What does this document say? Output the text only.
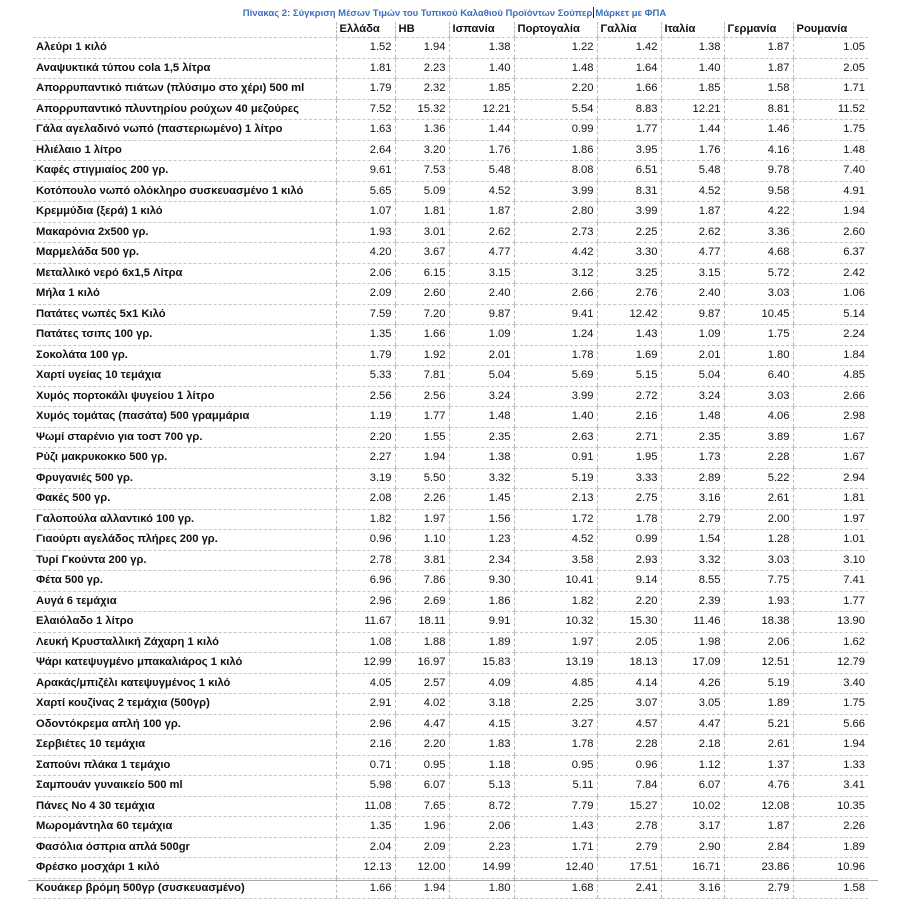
Πίνακας 2: Σύγκριση Μέσων Τιμών του Τυπικού Καλαθιού Προϊόντων Σούπερ Μάρκετ με ΦΠΑ
	Ελλάδα	ΗΒ	Ισπανία	Πορτογαλία	Γαλλία	Ιταλία	Γερμανία	Ρουμανία
Αλεύρι 1 κιλό	1.52	1.94	1.38	1.22	1.42	1.38	1.87	1.05
Αναψυκτικά τύπου cola 1,5 λίτρα	1.81	2.23	1.40	1.48	1.64	1.40	1.87	2.05
Απορρυπαντικό πιάτων (πλύσιμο στο χέρι) 500 ml	1.79	2.32	1.85	2.20	1.66	1.85	1.58	1.71
Απορρυπαντικό πλυντηρίου ρούχων 40 μεζούρες	7.52	15.32	12.21	5.54	8.83	12.21	8.81	11.52
Γάλα αγελαδινό νωπό (παστεριωμένο) 1 λίτρο	1.63	1.36	1.44	0.99	1.77	1.44	1.46	1.75
Ηλιέλαιο 1 λίτρο	2.64	3.20	1.76	1.86	3.95	1.76	4.16	1.48
Καφές στιγμιαίος 200 γρ.	9.61	7.53	5.48	8.08	6.51	5.48	9.78	7.40
Κοτόπουλο νωπό ολόκληρο συσκευασμένο 1 κιλό	5.65	5.09	4.52	3.99	8.31	4.52	9.58	4.91
Κρεμμύδια (ξερά) 1 κιλό	1.07	1.81	1.87	2.80	3.99	1.87	4.22	1.94
Μακαρόνια 2x500 γρ.	1.93	3.01	2.62	2.73	2.25	2.62	3.36	2.60
Μαρμελάδα 500 γρ.	4.20	3.67	4.77	4.42	3.30	4.77	4.68	6.37
Μεταλλικό νερό 6x1,5 Λίτρα	2.06	6.15	3.15	3.12	3.25	3.15	5.72	2.42
Μήλα 1 κιλό	2.09	2.60	2.40	2.66	2.76	2.40	3.03	1.06
Πατάτες νωπές 5x1 Κιλό	7.59	7.20	9.87	9.41	12.42	9.87	10.45	5.14
Πατάτες τσιπς 100 γρ.	1.35	1.66	1.09	1.24	1.43	1.09	1.75	2.24
Σοκολάτα 100 γρ.	1.79	1.92	2.01	1.78	1.69	2.01	1.80	1.84
Χαρτί υγείας 10 τεμάχια	5.33	7.81	5.04	5.69	5.15	5.04	6.40	4.85
Χυμός πορτοκάλι ψυγείου 1 λίτρο	2.56	2.56	3.24	3.99	2.72	3.24	3.03	2.66
Χυμός τομάτας (πασάτα) 500 γραμμάρια	1.19	1.77	1.48	1.40	2.16	1.48	4.06	2.98
Ψωμί σταρένιο για τοστ 700 γρ.	2.20	1.55	2.35	2.63	2.71	2.35	3.89	1.67
Ρύζι μακρυκοκκο 500 γρ.	2.27	1.94	1.38	0.91	1.95	1.73	2.28	1.67
Φρυγανιές 500 γρ.	3.19	5.50	3.32	5.19	3.33	2.89	5.22	2.94
Φακές 500 γρ.	2.08	2.26	1.45	2.13	2.75	3.16	2.61	1.81
Γαλοπούλα αλλαντικό 100 γρ.	1.82	1.97	1.56	1.72	1.78	2.79	2.00	1.97
Γιαούρτι αγελάδος πλήρες 200 γρ.	0.96	1.10	1.23	4.52	0.99	1.54	1.28	1.01
Τυρί Γκούντα 200 γρ.	2.78	3.81	2.34	3.58	2.93	3.32	3.03	3.10
Φέτα 500 γρ.	6.96	7.86	9.30	10.41	9.14	8.55	7.75	7.41
Αυγά 6 τεμάχια	2.96	2.69	1.86	1.82	2.20	2.39	1.93	1.77
Ελαιόλαδο 1 λίτρο	11.67	18.11	9.91	10.32	15.30	11.46	18.38	13.90
Λευκή Κρυσταλλική Ζάχαρη 1 κιλό	1.08	1.88	1.89	1.97	2.05	1.98	2.06	1.62
Ψάρι κατεψυγμένο μπακαλιάρος 1 κιλό	12.99	16.97	15.83	13.19	18.13	17.09	12.51	12.79
Αρακάς/μπιζέλι κατεψυγμένος 1 κιλό	4.05	2.57	4.09	4.85	4.14	4.26	5.19	3.40
Χαρτί κουζίνας 2 τεμάχια (500γρ)	2.91	4.02	3.18	2.25	3.07	3.05	1.89	1.75
Οδοντόκρεμα απλή 100 γρ.	2.96	4.47	4.15	3.27	4.57	4.47	5.21	5.66
Σερβιέτες 10 τεμάχια	2.16	2.20	1.83	1.78	2.28	2.18	2.61	1.94
Σαπούνι πλάκα 1 τεμάχιο	0.71	0.95	1.18	0.95	0.96	1.12	1.37	1.33
Σαμπουάν γυναικείο 500 ml	5.98	6.07	5.13	5.11	7.84	6.07	4.76	3.41
Πάνες Νο 4 30 τεμάχια	11.08	7.65	8.72	7.79	15.27	10.02	12.08	10.35
Μωρομάντηλα 60 τεμάχια	1.35	1.96	2.06	1.43	2.78	3.17	1.87	2.26
Φασόλια όσπρια απλά 500gr	2.04	2.09	2.23	1.71	2.79	2.90	2.84	1.89
Φρέσκο μοσχάρι 1 κιλό	12.13	12.00	14.99	12.40	17.51	16.71	23.86	10.96
Κουάκερ βρόμη 500γρ (συσκευασμένο)	1.66	1.94	1.80	1.68	2.41	3.16	2.79	1.58
